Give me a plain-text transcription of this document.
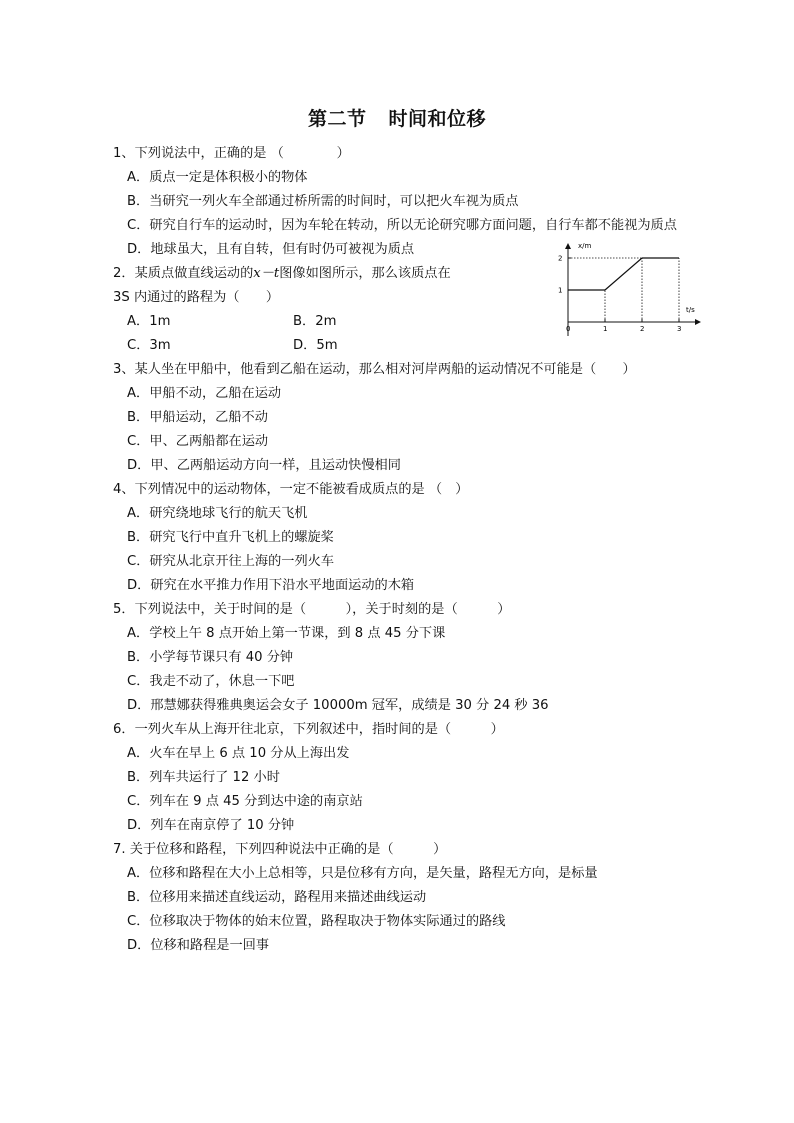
第二节 时间和位移
1、下列说法中，正确的是 （　　　　）
A．质点一定是体积极小的物体
B．当研究一列火车全部通过桥所需的时间时，可以把火车视为质点
C．研究自行车的运动时，因为车轮在转动，所以无论研究哪方面问题，自行车都不能视为质点
D．地球虽大，且有自转，但有时仍可被视为质点
2．某质点做直线运动的x－t图像如图所示，那么该质点在
3S 内通过的路程为（　　）
A．1m	B．2m
C．3m	D．5m
3、某人坐在甲船中，他看到乙船在运动，那么相对河岸两船的运动情况不可能是（　　）
A．甲船不动，乙船在运动
B．甲船运动，乙船不动
C．甲、乙两船都在运动
D．甲、乙两船运动方向一样，且运动快慢相同
4、下列情况中的运动物体，一定不能被看成质点的是 （　）
A．研究绕地球飞行的航天飞机
B．研究飞行中直升飞机上的螺旋桨
C．研究从北京开往上海的一列火车
D．研究在水平推力作用下沿水平地面运动的木箱
5．下列说法中，关于时间的是（　　　），关于时刻的是（　　　）
A．学校上午 8 点开始上第一节课，到 8 点 45 分下课
B．小学每节课只有 40 分钟
C．我走不动了，休息一下吧
D．邢慧娜获得雅典奥运会女子 10000m 冠军，成绩是 30 分 24 秒 36
6．一列火车从上海开往北京，下列叙述中，指时间的是（　　　）
A．火车在早上 6 点 10 分从上海出发
B．列车共运行了 12 小时
C．列车在 9 点 45 分到达中途的南京站
D．列车在南京停了 10 分钟
7. 关于位移和路程，下列四种说法中正确的是（　　　）
A．位移和路程在大小上总相等，只是位移有方向，是矢量，路程无方向，是标量
B．位移用来描述直线运动，路程用来描述曲线运动
C．位移取决于物体的始末位置，路程取决于物体实际通过的路线
D．位移和路程是一回事
0	1	2	3
1
2
x/m
t/s
